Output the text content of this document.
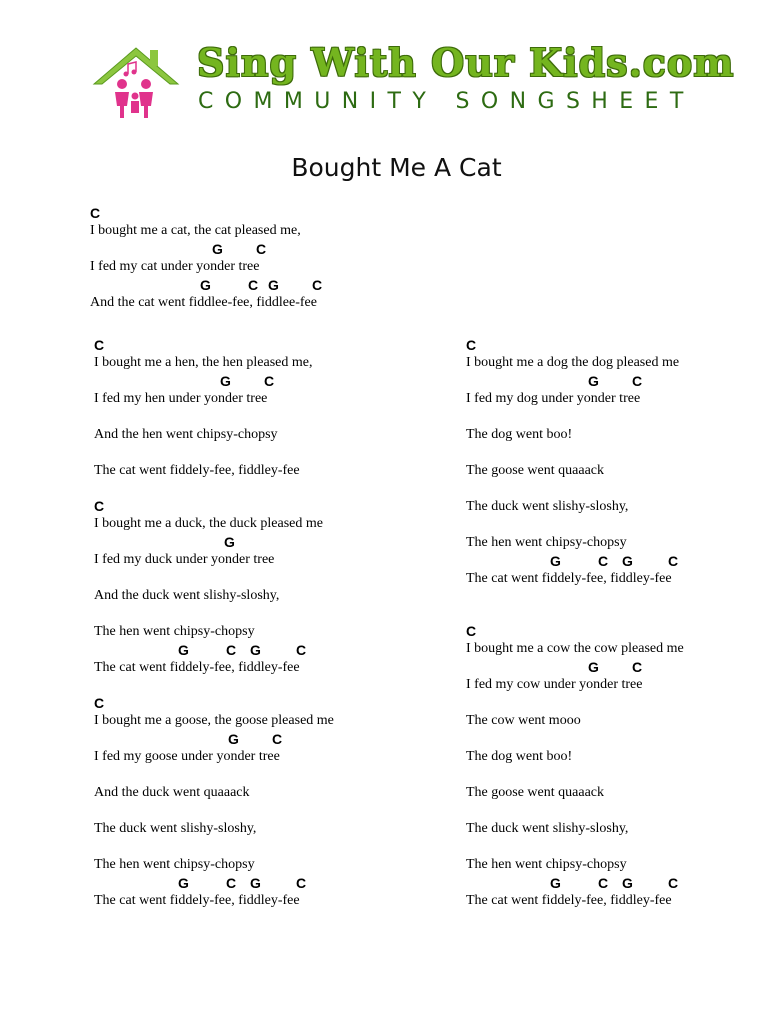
Sing With Our Kids.com
COMMUNITY SONGSHEET
Bought Me A Cat
C
I bought me a cat, the cat pleased me,
G C
I fed my cat under yonder tree
G	C G C
And the cat went fiddlee-fee, fiddlee-fee
C
I bought me a hen, the hen pleased me,
G C
I fed my hen under yonder tree
And the hen went chipsy-chopsy
The cat went fiddely-fee, fiddley-fee
C
I bought me a duck, the duck pleased me
G
I fed my duck under yonder tree
And the duck went slishy-sloshy,
The hen went chipsy-chopsy
G	C G	C
The cat went fiddely-fee, fiddley-fee
C
I bought me a goose, the goose pleased me
G C
I fed my goose under yonder tree
And the duck went quaaack
The duck went slishy-sloshy,
The hen went chipsy-chopsy
G	C G	C
The cat went fiddely-fee, fiddley-fee
C
I bought me a dog the dog pleased me
G C
I fed my dog under yonder tree
The dog went boo!
The goose went quaaack
The duck went slishy-sloshy,
The hen went chipsy-chopsy
G	C G	C
The cat went fiddely-fee, fiddley-fee
C
I bought me a cow the cow pleased me
G C
I fed my cow under yonder tree
The cow went mooo
The dog went boo!
The goose went quaaack
The duck went slishy-sloshy,
The hen went chipsy-chopsy
G	C G	C
The cat went fiddely-fee, fiddley-fee
